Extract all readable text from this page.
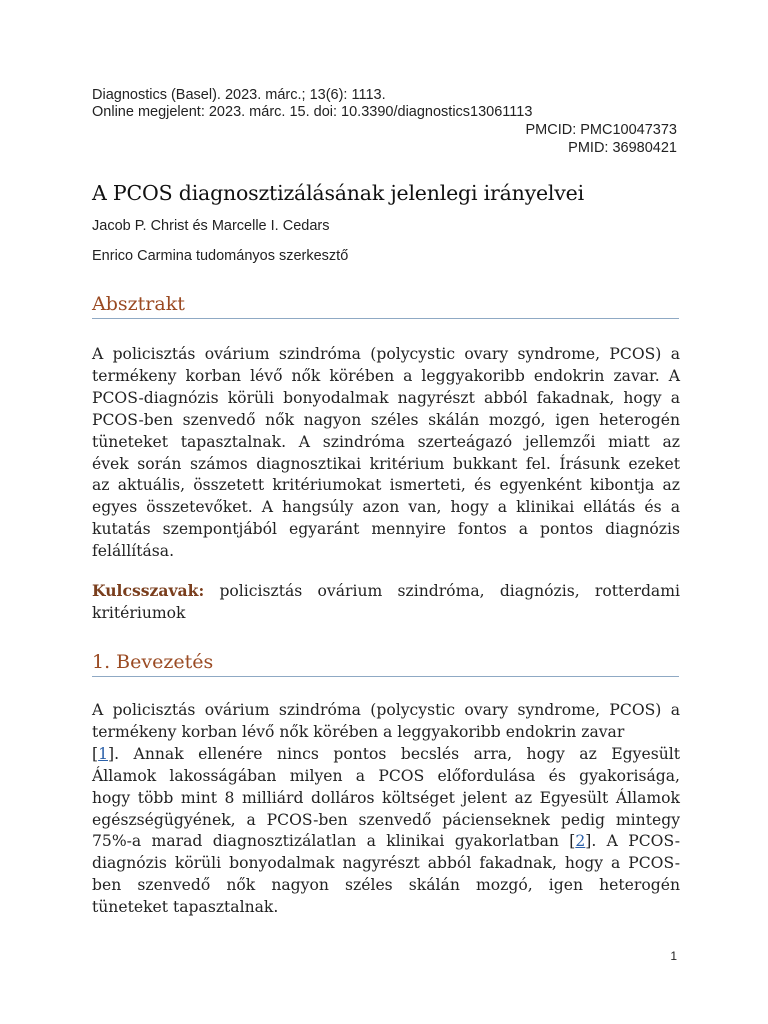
Diagnostics (Basel). 2023. márc.; 13(6): 1113.
Online megjelent: 2023. márc. 15. doi: 10.3390/diagnostics13061113
PMCID: PMC10047373
PMID: 36980421
A PCOS diagnosztizálásának jelenlegi irányelvei
Jacob P. Christ és Marcelle I. Cedars
Enrico Carmina tudományos szerkesztő
Absztrakt
A policisztás ovárium szindróma (polycystic ovary syndrome, PCOS) a
termékeny korban lévő nők körében a leggyakoribb endokrin zavar. A
PCOS-diagnózis körüli bonyodalmak nagyrészt abból fakadnak, hogy a
PCOS-ben szenvedő nők nagyon széles skálán mozgó, igen heterogén
tüneteket tapasztalnak. A szindróma szerteágazó jellemzői miatt az
évek során számos diagnosztikai kritérium bukkant fel. Írásunk ezeket
az aktuális, összetett kritériumokat ismerteti, és egyenként kibontja az
egyes összetevőket. A hangsúly azon van, hogy a klinikai ellátás és a
kutatás szempontjából egyaránt mennyire fontos a pontos diagnózis
felállítása.
Kulcsszavak: policisztás ovárium szindróma, diagnózis, rotterdami
kritériumok
1. Bevezetés
A policisztás ovárium szindróma (polycystic ovary syndrome, PCOS) a
termékeny korban lévő nők körében a leggyakoribb endokrin zavar
[1]. Annak ellenére nincs pontos becslés arra, hogy az Egyesült
Államok lakosságában milyen a PCOS előfordulása és gyakorisága,
hogy több mint 8 milliárd dolláros költséget jelent az Egyesült Államok
egészségügyének, a PCOS-ben szenvedő pácienseknek pedig mintegy
75%-a marad diagnosztizálatlan a klinikai gyakorlatban [2]. A PCOS-
diagnózis körüli bonyodalmak nagyrészt abból fakadnak, hogy a PCOS-
ben szenvedő nők nagyon széles skálán mozgó, igen heterogén
tüneteket tapasztalnak.
1
